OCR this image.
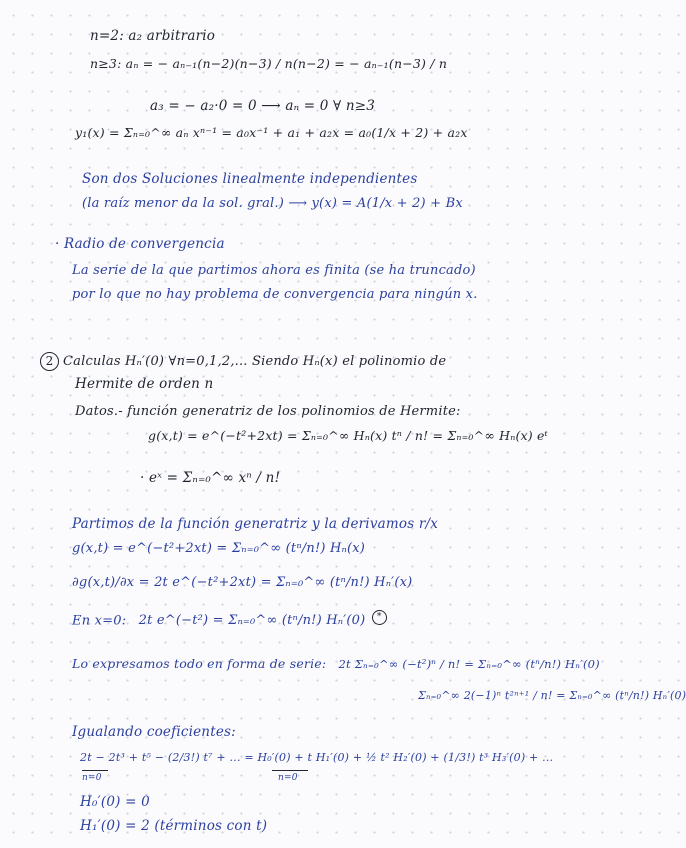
n=2: a₂ arbitrario
n≥3: aₙ = − aₙ₋₁(n−2)(n−3) / n(n−2) = − aₙ₋₁(n−3) / n
a₃ = − a₂·0 = 0 ⟶ aₙ = 0 ∀ n≥3
y₁(x) = Σₙ₌₀^∞ aₙ xⁿ⁻¹ = a₀x⁻¹ + a₁ + a₂x = a₀(1/x + 2) + a₂x
Son dos Soluciones linealmente independientes
(la raíz menor da la sol. gral.) ⟶ y(x) = A(1/x + 2) + Bx
· Radio de convergencia
La serie de la que partimos ahora es finita (se ha truncado)
por lo que no hay problema de convergencia para ningún x.
2 Calculas Hₙ′(0) ∀n=0,1,2,... Siendo Hₙ(x) el polinomio de
Hermite de orden n
Datos.- función generatriz de los polinomios de Hermite:
g(x,t) = e^(−t²+2xt) = Σₙ₌₀^∞ Hₙ(x) tⁿ / n! = Σₙ₌₀^∞ Hₙ(x) eᵗ
· eˣ = Σₙ₌₀^∞ xⁿ / n!
Partimos de la función generatriz y la derivamos r/x
g(x,t) = e^(−t²+2xt) = Σₙ₌₀^∞ (tⁿ/n!) Hₙ(x)
∂g(x,t)/∂x = 2t e^(−t²+2xt) = Σₙ₌₀^∞ (tⁿ/n!) Hₙ′(x)
En x=0: 2t e^(−t²) = Σₙ₌₀^∞ (tⁿ/n!) Hₙ′(0) *
Lo expresamos todo en forma de serie: 2t Σₙ₌₀^∞ (−t²)ⁿ / n! = Σₙ₌₀^∞ (tⁿ/n!) Hₙ′(0)
Σₙ₌₀^∞ 2(−1)ⁿ t²ⁿ⁺¹ / n! = Σₙ₌₀^∞ (tⁿ/n!) Hₙ′(0)
Igualando coeficientes:
2t − 2t³ + t⁵ − (2/3!) t⁷ + ... = H₀′(0) + t H₁′(0) + ½ t² H₂′(0) + (1/3!) t³ H₃′(0) + ...
n=0	n=0
H₀′(0) = 0
H₁′(0) = 2 (términos con t)
